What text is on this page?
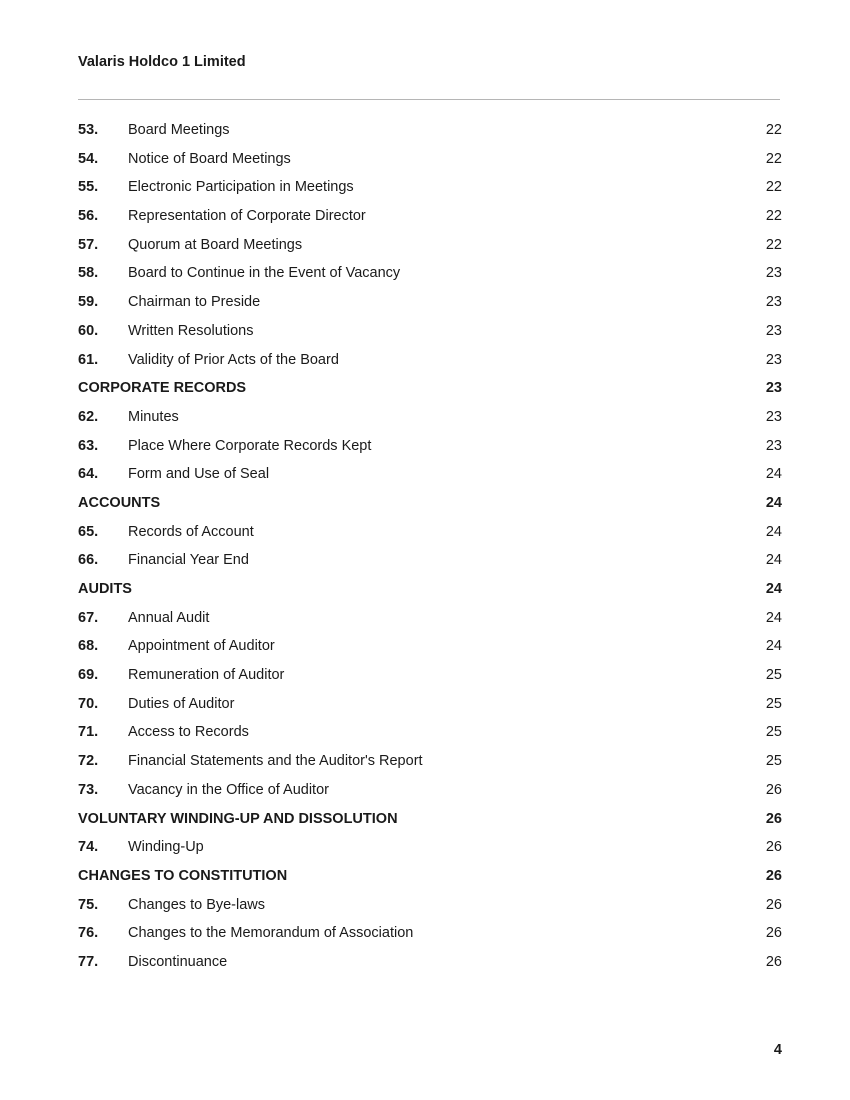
Valaris Holdco 1 Limited
53.	Board Meetings	22
54.	Notice of Board Meetings	22
55.	Electronic Participation in Meetings	22
56.	Representation of Corporate Director	22
57.	Quorum at Board Meetings	22
58.	Board to Continue in the Event of Vacancy	23
59.	Chairman to Preside	23
60.	Written Resolutions	23
61.	Validity of Prior Acts of the Board	23
CORPORATE RECORDS	23
62.	Minutes	23
63.	Place Where Corporate Records Kept	23
64.	Form and Use of Seal	24
ACCOUNTS	24
65.	Records of Account	24
66.	Financial Year End	24
AUDITS	24
67.	Annual Audit	24
68.	Appointment of Auditor	24
69.	Remuneration of Auditor	25
70.	Duties of Auditor	25
71.	Access to Records	25
72.	Financial Statements and the Auditor's Report	25
73.	Vacancy in the Office of Auditor	26
VOLUNTARY WINDING-UP AND DISSOLUTION	26
74.	Winding-Up	26
CHANGES TO CONSTITUTION	26
75.	Changes to Bye-laws	26
76.	Changes to the Memorandum of Association	26
77.	Discontinuance	26
4
